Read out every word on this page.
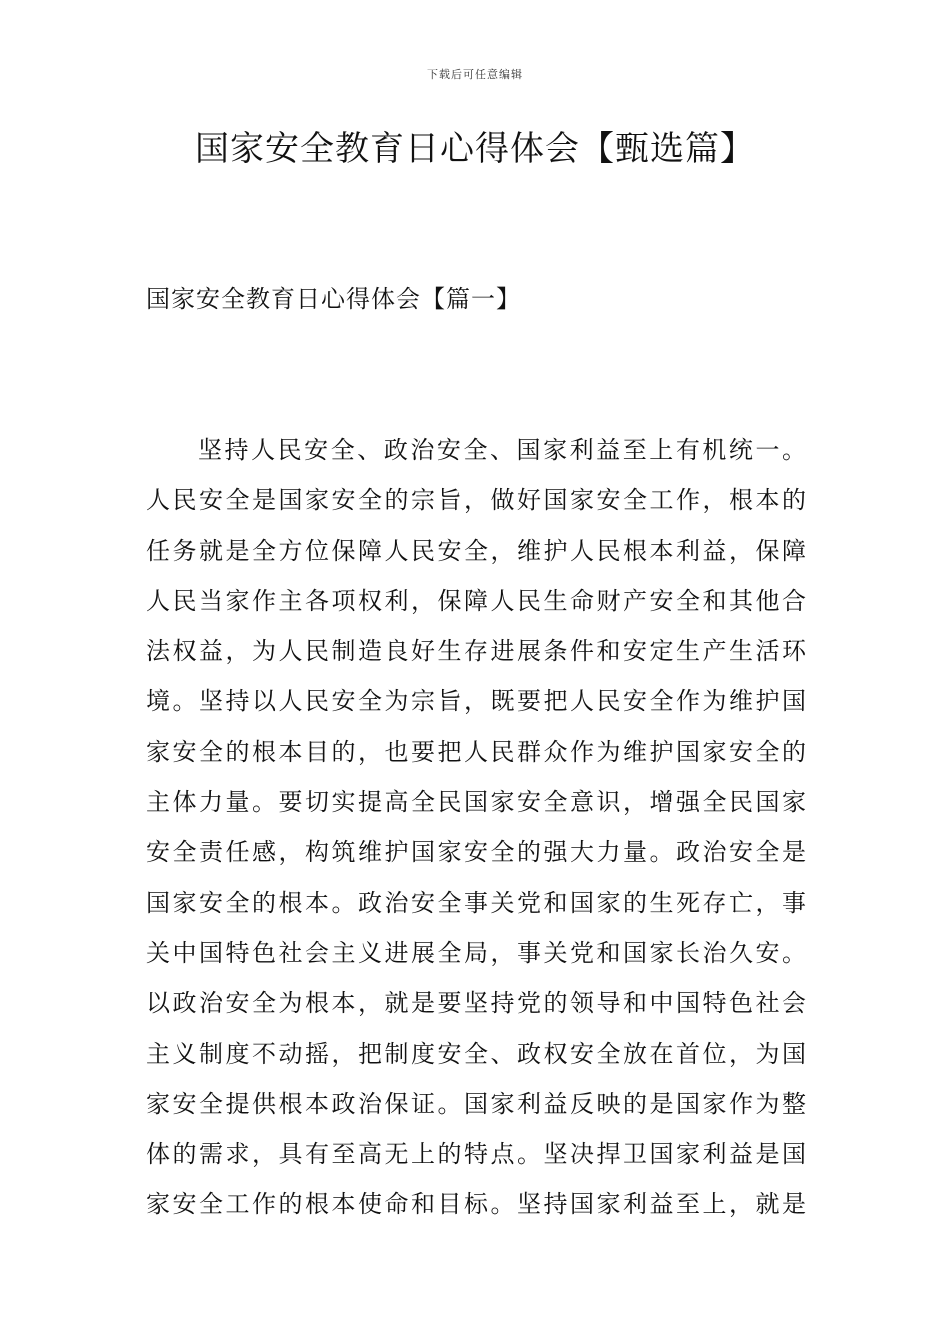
下载后可任意编辑
国家安全教育日心得体会【甄选篇】
国家安全教育日心得体会【篇一】
坚持人民安全、政治安全、国家利益至上有机统一。
人民安全是国家安全的宗旨，做好国家安全工作，根本的
任务就是全方位保障人民安全，维护人民根本利益，保障
人民当家作主各项权利，保障人民生命财产安全和其他合
法权益，为人民制造良好生存进展条件和安定生产生活环
境。坚持以人民安全为宗旨，既要把人民安全作为维护国
家安全的根本目的，也要把人民群众作为维护国家安全的
主体力量。要切实提高全民国家安全意识，增强全民国家
安全责任感，构筑维护国家安全的强大力量。政治安全是
国家安全的根本。政治安全事关党和国家的生死存亡，事
关中国特色社会主义进展全局，事关党和国家长治久安。
以政治安全为根本，就是要坚持党的领导和中国特色社会
主义制度不动摇，把制度安全、政权安全放在首位，为国
家安全提供根本政治保证。国家利益反映的是国家作为整
体的需求，具有至高无上的特点。坚决捍卫国家利益是国
家安全工作的根本使命和目标。坚持国家利益至上，就是
